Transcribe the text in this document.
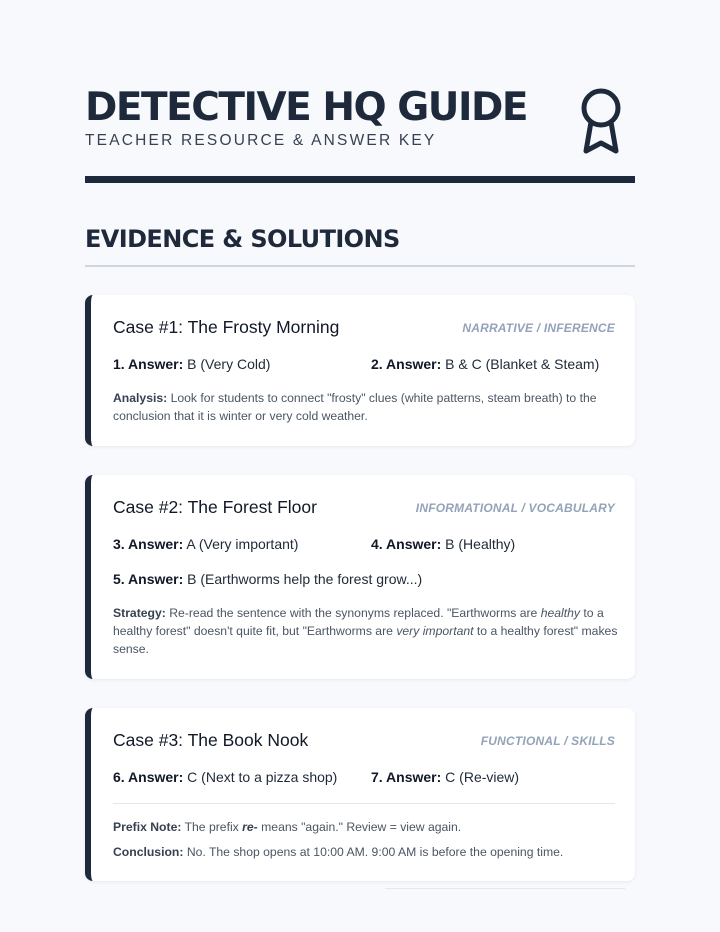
DETECTIVE HQ GUIDE
TEACHER RESOURCE & ANSWER KEY
EVIDENCE & SOLUTIONS
Case #1: The Frosty Morning	NARRATIVE / INFERENCE
1. Answer: B (Very Cold)	2. Answer: B & C (Blanket & Steam)
Analysis: Look for students to connect "frosty" clues (white patterns, steam breath) to the conclusion that it is winter or very cold weather.
Case #2: The Forest Floor	INFORMATIONAL / VOCABULARY
3. Answer: A (Very important)	4. Answer: B (Healthy)
5. Answer: B (Earthworms help the forest grow...)
Strategy: Re-read the sentence with the synonyms replaced. "Earthworms are healthy to a healthy forest" doesn't quite fit, but "Earthworms are very important to a healthy forest" makes sense.
Case #3: The Book Nook	FUNCTIONAL / SKILLS
6. Answer: C (Next to a pizza shop) 7. Answer: C (Re-view)
Prefix Note: The prefix re- means "again." Review = view again.
Conclusion: No. The shop opens at 10:00 AM. 9:00 AM is before the opening time.
